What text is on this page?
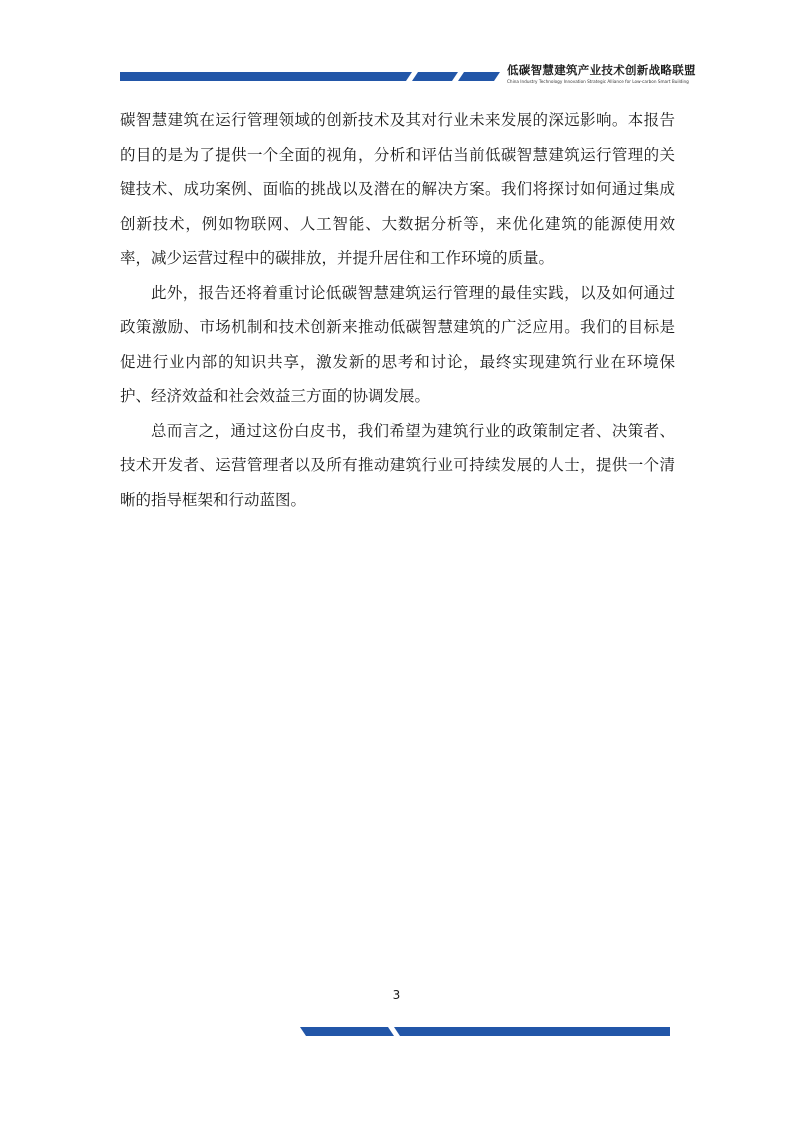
低碳智慧建筑产业技术创新战略联盟
China Industry Technology Innovation Strategic Alliance for Low-carbon Smart Building

碳智慧建筑在运行管理领域的创新技术及其对行业未来发展的深远影响。本报告的目的是为了提供一个全面的视角，分析和评估当前低碳智慧建筑运行管理的关键技术、成功案例、面临的挑战以及潜在的解决方案。我们将探讨如何通过集成创新技术，例如物联网、人工智能、大数据分析等，来优化建筑的能源使用效率，减少运营过程中的碳排放，并提升居住和工作环境的质量。

此外，报告还将着重讨论低碳智慧建筑运行管理的最佳实践，以及如何通过政策激励、市场机制和技术创新来推动低碳智慧建筑的广泛应用。我们的目标是促进行业内部的知识共享，激发新的思考和讨论，最终实现建筑行业在环境保护、经济效益和社会效益三方面的协调发展。

总而言之，通过这份白皮书，我们希望为建筑行业的政策制定者、决策者、技术开发者、运营管理者以及所有推动建筑行业可持续发展的人士，提供一个清晰的指导框架和行动蓝图。

3
